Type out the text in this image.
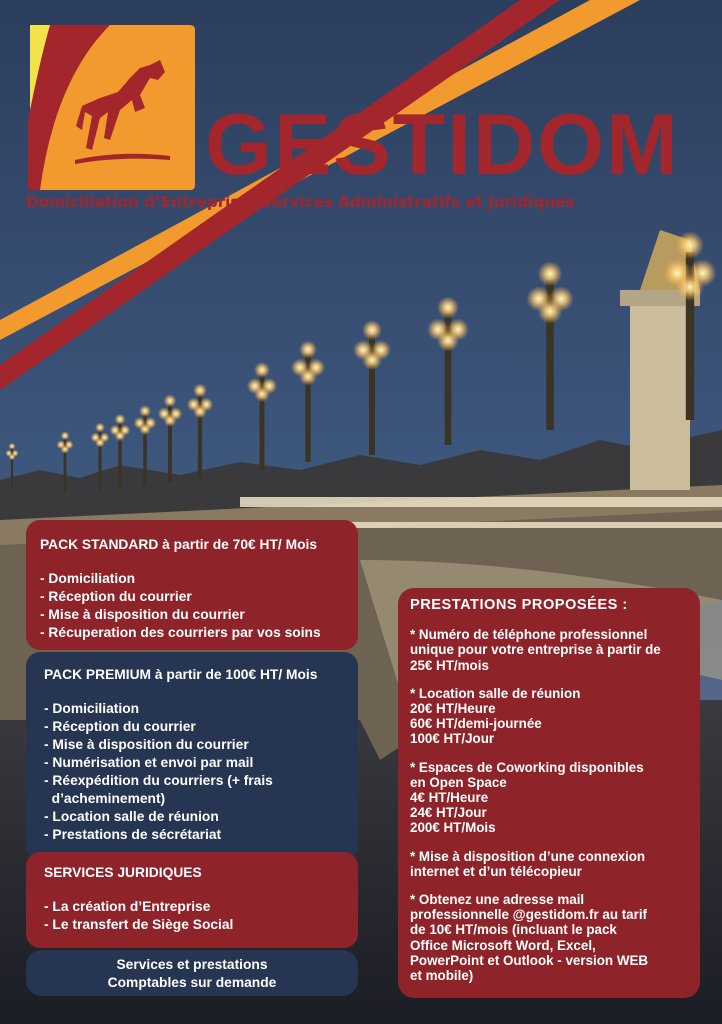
GESTIDOM
Domiciliation d’Entreprise, Services Administratifs et Juridiques
PACK STANDARD à partir de 70€ HT/ Mois
- Domiciliation
- Réception du courrier
- Mise à disposition du courrier
- Récuperation des courriers par vos soins
PACK PREMIUM à partir de 100€ HT/ Mois
- Domiciliation
- Réception du courrier
- Mise à disposition du courrier
- Numérisation et envoi par mail
- Réexpédition du courriers (+ frais
d’acheminement)
- Location salle de réunion
- Prestations de sécrétariat
SERVICES JURIDIQUES
- La création d’Entreprise
- Le transfert de Siège Social
Services et prestations
Comptables sur demande
PRESTATIONS PROPOSÉES :
* Numéro de téléphone professionnel
unique pour votre entreprise à partir de
25€ HT/mois
* Location salle de réunion
20€ HT/Heure
60€ HT/demi-journée
100€ HT/Jour
* Espaces de Coworking disponibles
en Open Space
4€ HT/Heure
24€ HT/Jour
200€ HT/Mois
* Mise à disposition d’une connexion
internet et d’un télécopieur
* Obtenez une adresse mail
professionnelle @gestidom.fr au tarif
de 10€ HT/mois (incluant le pack
Office Microsoft Word, Excel,
PowerPoint et Outlook - version WEB
et mobile)
